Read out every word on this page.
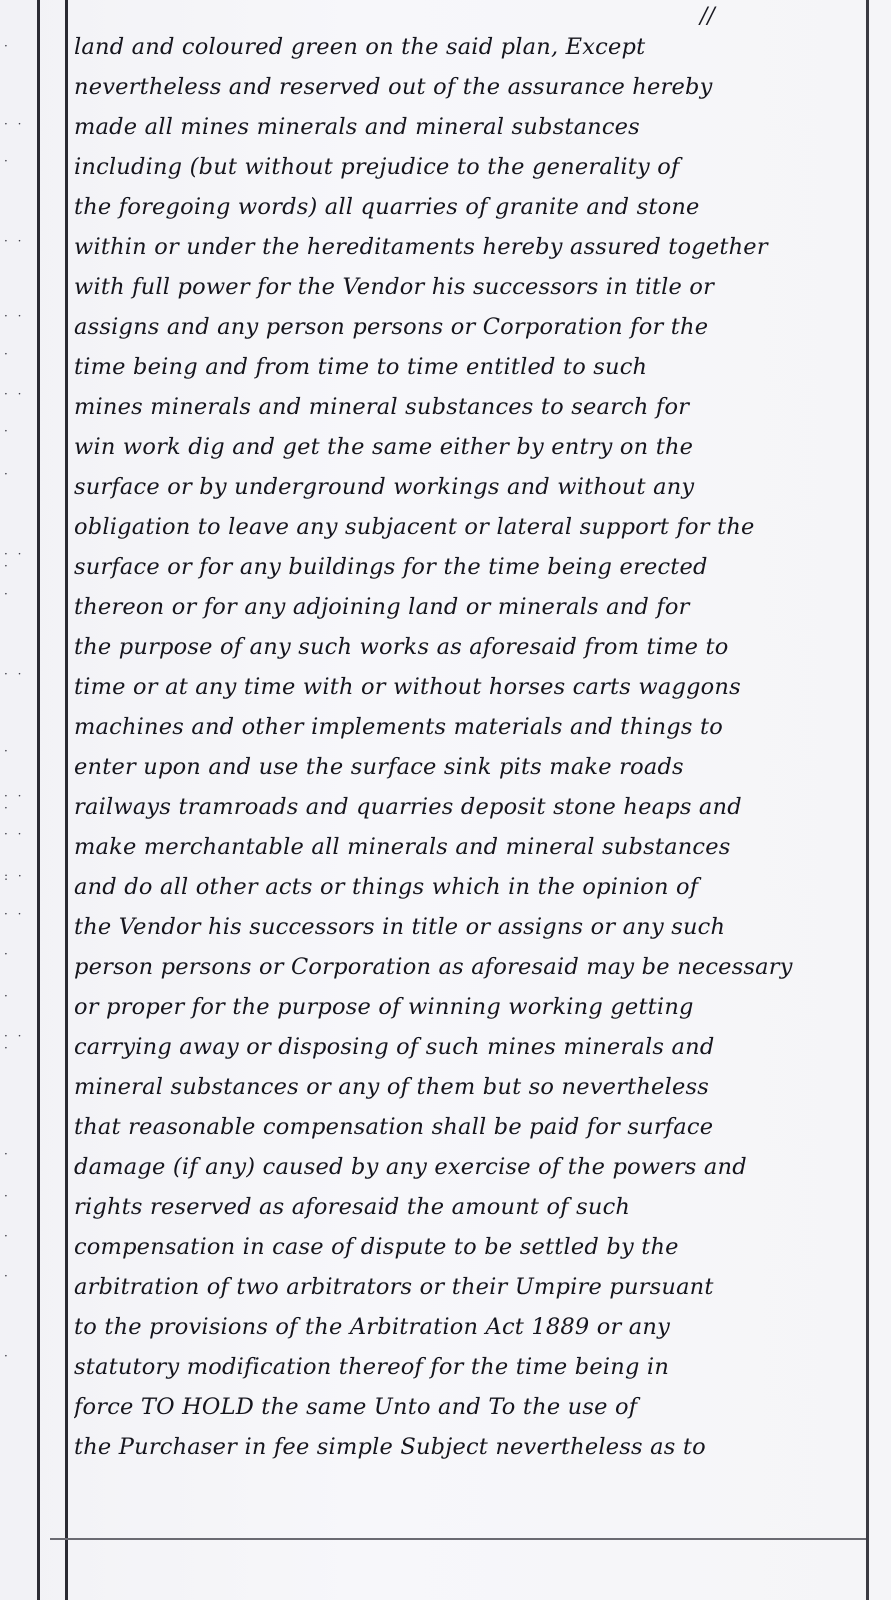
·
· ·
·
· ·
· ·
·
· ·
·
·
· · ·
·
· ·
·
· · ·
· ·
: ·
· ·
·
·
· · ·
·
·
·
·
·
//
land and coloured green on the said plan, Except
nevertheless and reserved out of the assurance hereby
made all mines minerals and mineral substances
including (but without prejudice to the generality of
the foregoing words) all quarries of granite and stone
within or under the hereditaments hereby assured together
with full power for the Vendor his successors in title or
assigns and any person persons or Corporation for the
time being and from time to time entitled to such
mines minerals and mineral substances to search for
win work dig and get the same either by entry on the
surface or by underground workings and without any
obligation to leave any subjacent or lateral support for the
surface or for any buildings for the time being erected
thereon or for any adjoining land or minerals and for
the purpose of any such works as aforesaid from time to
time or at any time with or without horses carts waggons
machines and other implements materials and things to
enter upon and use the surface sink pits make roads
railways tramroads and quarries deposit stone heaps and
make merchantable all minerals and mineral substances
and do all other acts or things which in the opinion of
the Vendor his successors in title or assigns or any such
person persons or Corporation as aforesaid may be necessary
or proper for the purpose of winning working getting
carrying away or disposing of such mines minerals and
mineral substances or any of them but so nevertheless
that reasonable compensation shall be paid for surface
damage (if any) caused by any exercise of the powers and
rights reserved as aforesaid the amount of such
compensation in case of dispute to be settled by the
arbitration of two arbitrators or their Umpire pursuant
to the provisions of the Arbitration Act 1889 or any
statutory modification thereof for the time being in
force TO HOLD the same Unto and To the use of
the Purchaser in fee simple Subject nevertheless as to
